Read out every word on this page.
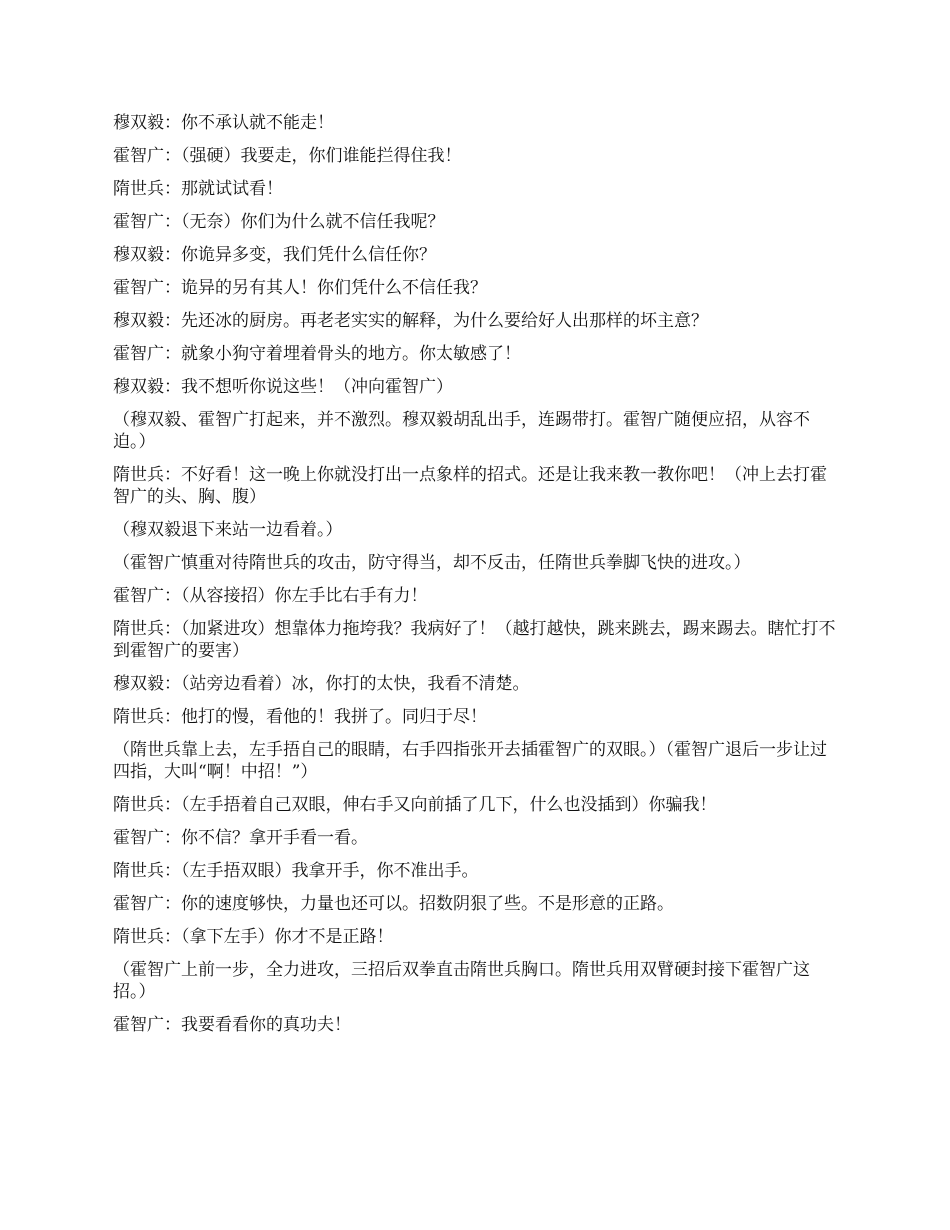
穆双毅：你不承认就不能走！

霍智广：（强硬）我要走，你们谁能拦得住我！

隋世兵：那就试试看！

霍智广：（无奈）你们为什么就不信任我呢？

穆双毅：你诡异多变，我们凭什么信任你？

霍智广：诡异的另有其人！你们凭什么不信任我？

穆双毅：先还冰的厨房。再老老实实的解释，为什么要给好人出那样的坏主意？

霍智广：就象小狗守着埋着骨头的地方。你太敏感了！

穆双毅：我不想听你说这些！（冲向霍智广）

（穆双毅、霍智广打起来，并不激烈。穆双毅胡乱出手，连踢带打。霍智广随便应招，从容不迫。）

隋世兵：不好看！这一晚上你就没打出一点象样的招式。还是让我来教一教你吧！（冲上去打霍智广的头、胸、腹）

（穆双毅退下来站一边看着。）

（霍智广慎重对待隋世兵的攻击，防守得当，却不反击，任隋世兵拳脚飞快的进攻。）

霍智广：（从容接招）你左手比右手有力！

隋世兵：（加紧进攻）想靠体力拖垮我？我病好了！（越打越快，跳来跳去，踢来踢去。瞎忙打不到霍智广的要害）

穆双毅：（站旁边看着）冰，你打的太快，我看不清楚。

隋世兵：他打的慢，看他的！我拼了。同归于尽！

（隋世兵靠上去，左手捂自己的眼睛，右手四指张开去插霍智广的双眼。）（霍智广退后一步让过四指，大叫“啊！中招！”）

隋世兵：（左手捂着自己双眼，伸右手又向前插了几下，什么也没插到）你骗我！

霍智广：你不信？拿开手看一看。

隋世兵：（左手捂双眼）我拿开手，你不准出手。

霍智广：你的速度够快，力量也还可以。招数阴狠了些。不是形意的正路。

隋世兵：（拿下左手）你才不是正路！

（霍智广上前一步，全力进攻，三招后双拳直击隋世兵胸口。隋世兵用双臂硬封接下霍智广这招。）

霍智广：我要看看你的真功夫！
